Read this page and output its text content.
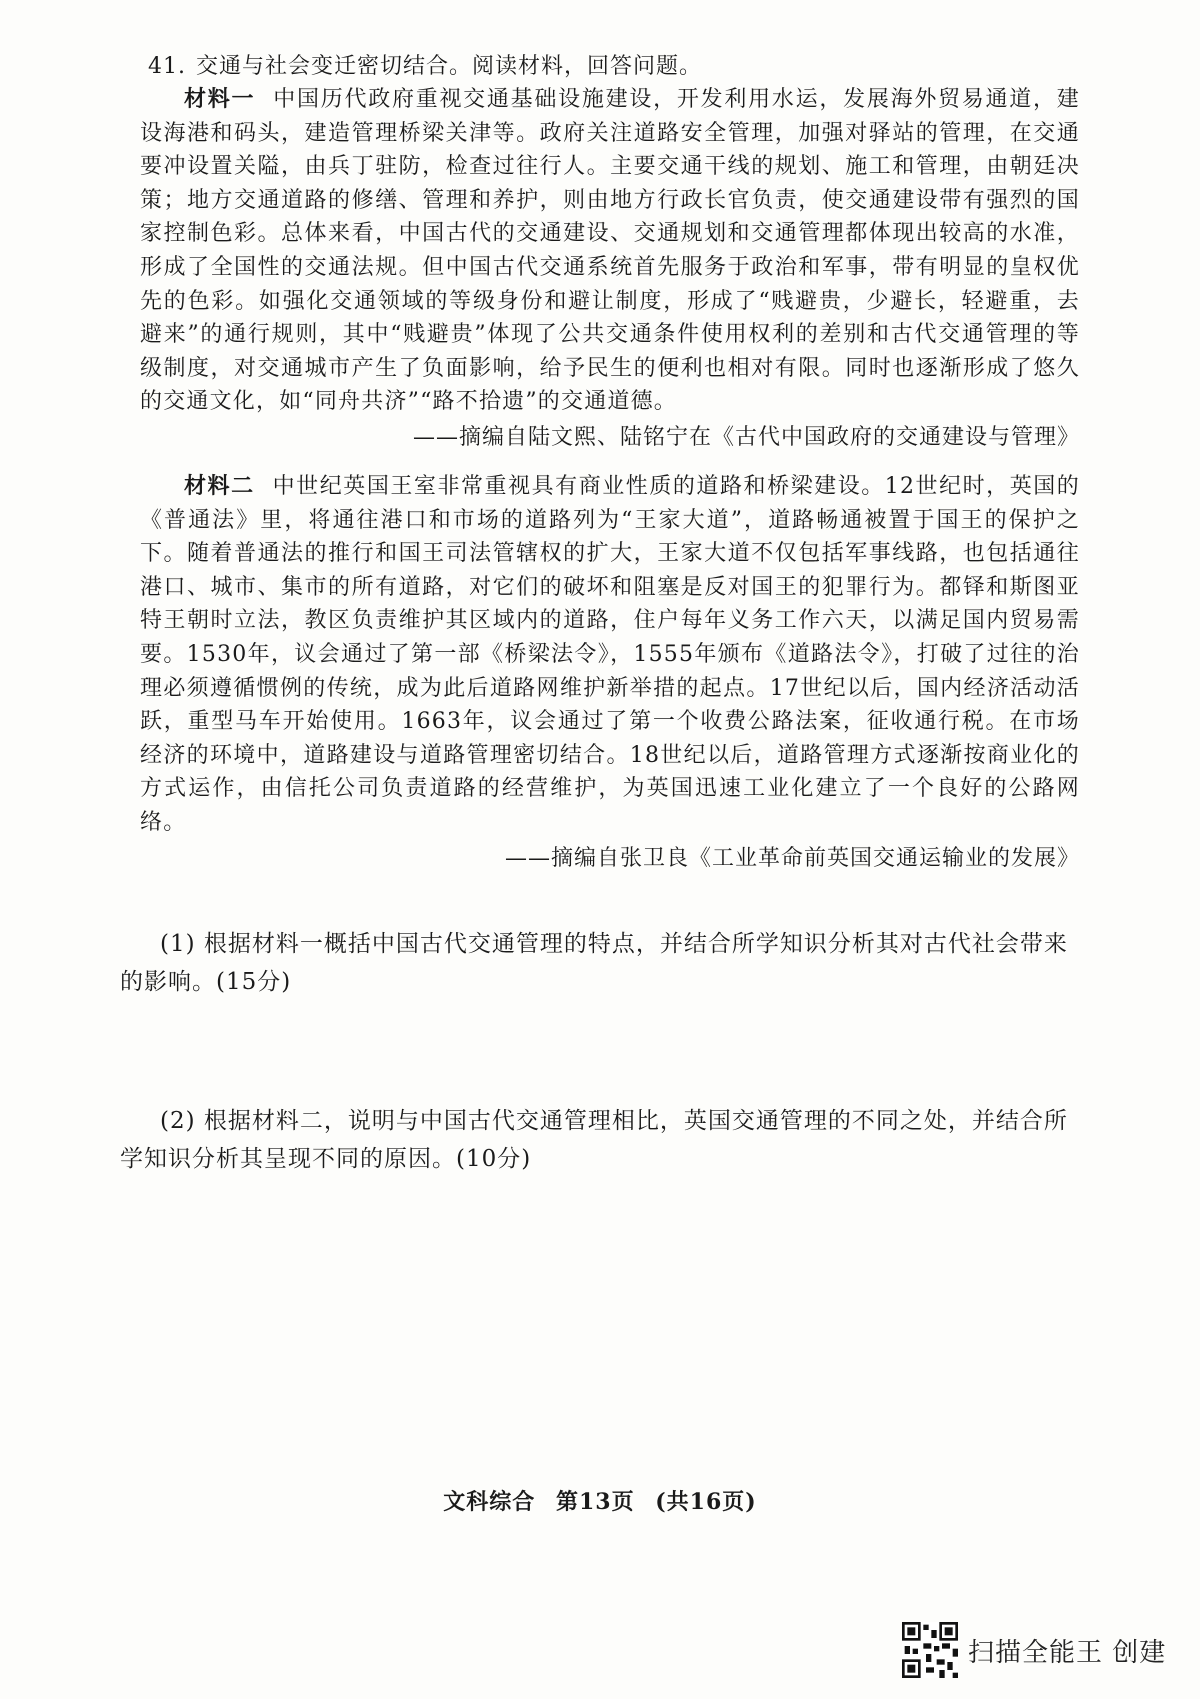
41. 交通与社会变迁密切结合。阅读材料，回答问题。

材料一 中国历代政府重视交通基础设施建设，开发利用水运，发展海外贸易通道，建设海港和码头，建造管理桥梁关津等。政府关注道路安全管理，加强对驿站的管理，在交通要冲设置关隘，由兵丁驻防，检查过往行人。主要交通干线的规划、施工和管理，由朝廷决策；地方交通道路的修缮、管理和养护，则由地方行政长官负责，使交通建设带有强烈的国家控制色彩。总体来看，中国古代的交通建设、交通规划和交通管理都体现出较高的水准，形成了全国性的交通法规。但中国古代交通系统首先服务于政治和军事，带有明显的皇权优先的色彩。如强化交通领域的等级身份和避让制度，形成了“贱避贵，少避长，轻避重，去避来”的通行规则，其中“贱避贵”体现了公共交通条件使用权利的差别和古代交通管理的等级制度，对交通城市产生了负面影响，给予民生的便利也相对有限。同时也逐渐形成了悠久的交通文化，如“同舟共济”“路不拾遗”的交通道德。

——摘编自陆文熙、陆铭宁在《古代中国政府的交通建设与管理》

材料二 中世纪英国王室非常重视具有商业性质的道路和桥梁建设。12世纪时，英国的《普通法》里，将通往港口和市场的道路列为“王家大道”，道路畅通被置于国王的保护之下。随着普通法的推行和国王司法管辖权的扩大，王家大道不仅包括军事线路，也包括通往港口、城市、集市的所有道路，对它们的破坏和阻塞是反对国王的犯罪行为。都铎和斯图亚特王朝时立法，教区负责维护其区域内的道路，住户每年义务工作六天，以满足国内贸易需要。1530年，议会通过了第一部《桥梁法令》，1555年颁布《道路法令》，打破了过往的治理必须遵循惯例的传统，成为此后道路网维护新举措的起点。17世纪以后，国内经济活动活跃，重型马车开始使用。1663年，议会通过了第一个收费公路法案，征收通行税。在市场经济的环境中，道路建设与道路管理密切结合。18世纪以后，道路管理方式逐渐按商业化的方式运作，由信托公司负责道路的经营维护，为英国迅速工业化建立了一个良好的公路网络。

——摘编自张卫良《工业革命前英国交通运输业的发展》

(1) 根据材料一概括中国古代交通管理的特点，并结合所学知识分析其对古代社会带来的影响。(15分)

(2) 根据材料二，说明与中国古代交通管理相比，英国交通管理的不同之处，并结合所学知识分析其呈现不同的原因。(10分)

文科综合 第13页 (共16页)
扫描全能王 创建
